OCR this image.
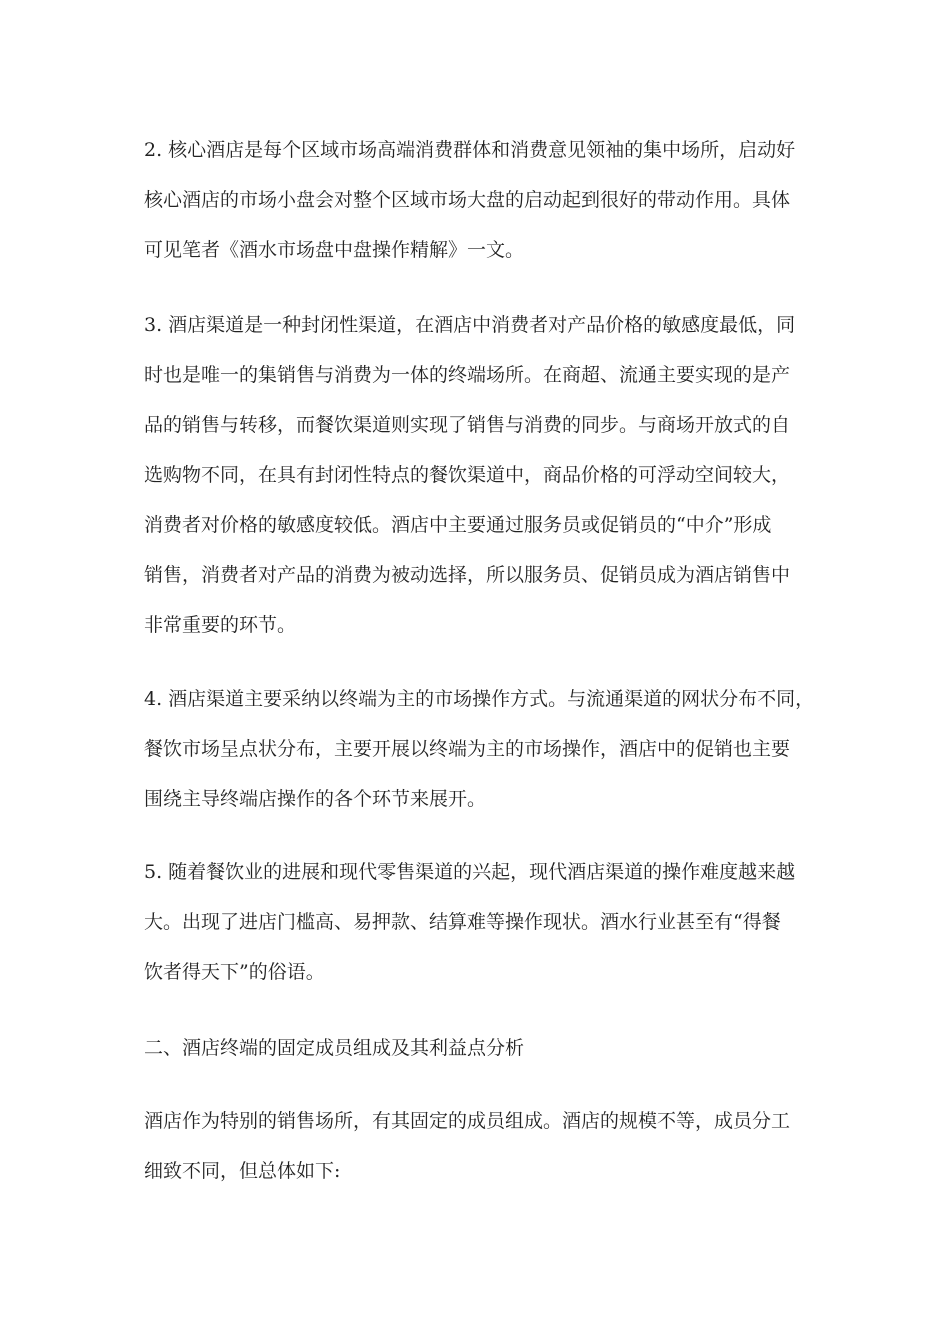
2. 核心酒店是每个区域市场高端消费群体和消费意见领袖的集中场所，启动好
核心酒店的市场小盘会对整个区域市场大盘的启动起到很好的带动作用。具体
可见笔者《酒水市场盘中盘操作精解》一文。
3. 酒店渠道是一种封闭性渠道，在酒店中消费者对产品价格的敏感度最低，同
时也是唯一的集销售与消费为一体的终端场所。在商超、流通主要实现的是产
品的销售与转移，而餐饮渠道则实现了销售与消费的同步。与商场开放式的自
选购物不同，在具有封闭性特点的餐饮渠道中，商品价格的可浮动空间较大，
消费者对价格的敏感度较低。酒店中主要通过服务员或促销员的“中介”形成
销售，消费者对产品的消费为被动选择，所以服务员、促销员成为酒店销售中
非常重要的环节。
4. 酒店渠道主要采纳以终端为主的市场操作方式。与流通渠道的网状分布不同，
餐饮市场呈点状分布，主要开展以终端为主的市场操作，酒店中的促销也主要
围绕主导终端店操作的各个环节来展开。
5. 随着餐饮业的进展和现代零售渠道的兴起，现代酒店渠道的操作难度越来越
大。出现了进店门槛高、易押款、结算难等操作现状。酒水行业甚至有“得餐
饮者得天下”的俗语。
二、酒店终端的固定成员组成及其利益点分析
酒店作为特别的销售场所，有其固定的成员组成。酒店的规模不等，成员分工
细致不同，但总体如下:
